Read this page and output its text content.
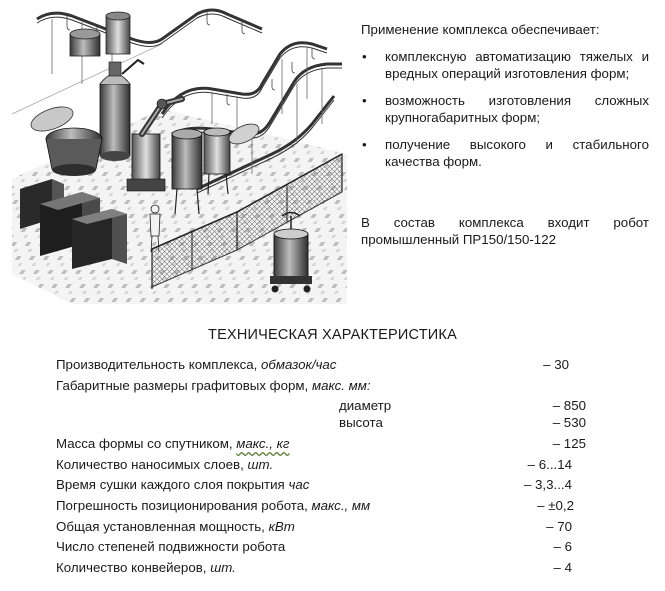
Применение комплекса обеспечивает:

• комплексную автоматизацию тяжелых и вредных операций изготовления форм;
• возможность изготовления сложных крупногабаритных форм;
• получение высокого и стабильного качества форм.
В состав комплекса входит робот промышленный ПР150/150-122
ТЕХНИЧЕСКАЯ ХАРАКТЕРИСТИКА
Производительность комплекса, обмазок/час	– 30
Габаритные размеры графитовых форм, макс. мм:
диаметр	– 850
высота	– 530
Масса формы со спутником, макс., кг	– 125
Количество наносимых слоев, шт.	– 6...14
Время сушки каждого слоя покрытия час	– 3,3...4
Погрешность позиционирования робота, макс., мм	– ±0,2
Общая установленная мощность, кВт	– 70
Число степеней подвижности робота	– 6
Количество конвейеров, шт.	– 4
